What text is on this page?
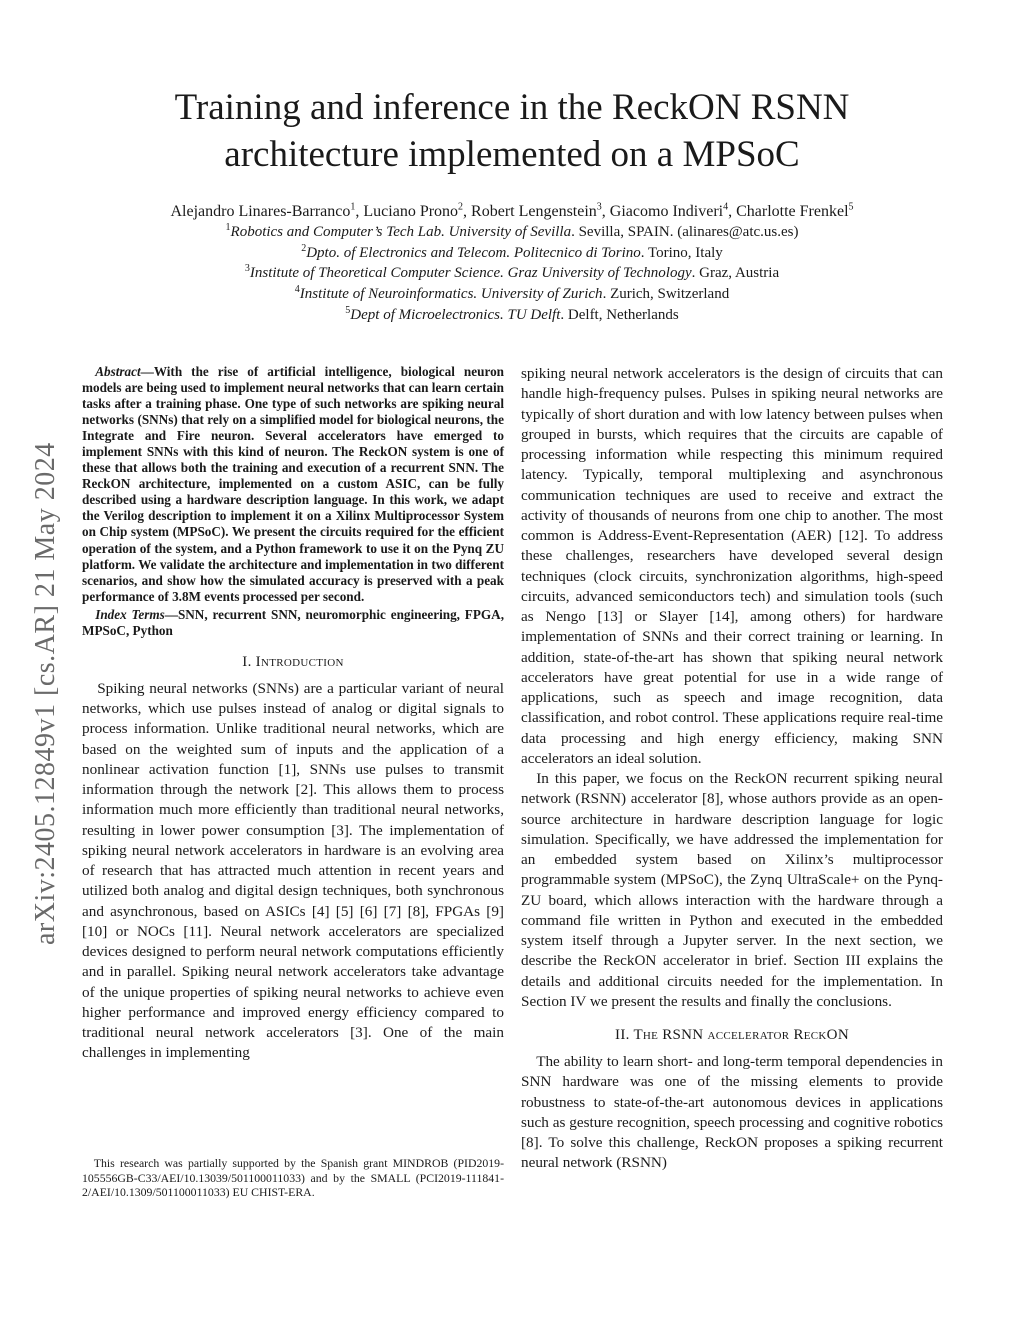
Training and inference in the ReckON RSNN
architecture implemented on a MPSoC
Alejandro Linares-Barranco$^1$, Luciano Prono$^2$, Robert Lengenstein$^3$, Giacomo Indiveri$^4$, Charlotte Frenkel$^5$
$^1$Robotics and Computer’s Tech Lab. University of Sevilla. Sevilla, SPAIN. (alinares@atc.us.es)
$^2$Dpto. of Electronics and Telecom. Politecnico di Torino. Torino, Italy
$^3$Institute of Theoretical Computer Science. Graz University of Technology. Graz, Austria
$^4$Institute of Neuroinformatics. University of Zurich. Zurich, Switzerland
$^5$Dept of Microelectronics. TU Delft. Delft, Netherlands
arXiv:2405.12849v1 [cs.AR] 21 May 2024

Abstract—With the rise of artificial intelligence, biological neuron models are being used to implement neural networks that can learn certain tasks after a training phase. One type of such networks are spiking neural networks (SNNs) that rely on a simplified model for biological neurons, the Integrate and Fire neuron. Several accelerators have emerged to implement SNNs with this kind of neuron. The ReckON system is one of these that allows both the training and execution of a recurrent SNN. The ReckON architecture, implemented on a custom ASIC, can be fully described using a hardware description language. In this work, we adapt the Verilog description to implement it on a Xilinx Multiprocessor System on Chip system (MPSoC). We present the circuits required for the efficient operation of the system, and a Python framework to use it on the Pynq ZU platform. We validate the architecture and implementation in two different scenarios, and show how the simulated accuracy is preserved with a peak performance of 3.8M events processed per second.

Index Terms—SNN, recurrent SNN, neuromorphic engineering, FPGA, MPSoC, Python

I. Introduction

Spiking neural networks (SNNs) are a particular variant of neural networks, which use pulses instead of analog or digital signals to process information. Unlike traditional neural networks, which are based on the weighted sum of inputs and the application of a nonlinear activation function [1], SNNs use pulses to transmit information through the network [2]. This allows them to process information much more efficiently than traditional neural networks, resulting in lower power consumption [3]. The implementation of spiking neural network accelerators in hardware is an evolving area of research that has attracted much attention in recent years and utilized both analog and digital design techniques, both synchronous and asynchronous, based on ASICs [4] [5] [6] [7] [8], FPGAs [9] [10] or NOCs [11]. Neural network accelerators are specialized devices designed to perform neural network computations efficiently and in parallel. Spiking neural network accelerators take advantage of the unique properties of spiking neural networks to achieve even higher performance and improved energy efficiency compared to traditional neural network accelerators [3]. One of the main challenges in implementing

This research was partially supported by the Spanish grant MINDROB (PID2019-105556GB-C33/AEI/10.13039/501100011033) and by the SMALL (PCI2019-111841-2/AEI/10.1309/501100011033) EU CHIST-ERA.

spiking neural network accelerators is the design of circuits that can handle high-frequency pulses. Pulses in spiking neural networks are typically of short duration and with low latency between pulses when grouped in bursts, which requires that the circuits are capable of processing information while respecting this minimum required latency. Typically, temporal multiplexing and asynchronous communication techniques are used to receive and extract the activity of thousands of neurons from one chip to another. The most common is Address-Event-Representation (AER) [12]. To address these challenges, researchers have developed several design techniques (clock circuits, synchronization algorithms, high-speed circuits, advanced semiconductors tech) and simulation tools (such as Nengo [13] or Slayer [14], among others) for hardware implementation of SNNs and their correct training or learning. In addition, state-of-the-art has shown that spiking neural network accelerators have great potential for use in a wide range of applications, such as speech and image recognition, data classification, and robot control. These applications require real-time data processing and high energy efficiency, making SNN accelerators an ideal solution.

In this paper, we focus on the ReckON recurrent spiking neural network (RSNN) accelerator [8], whose authors provide as an open-source architecture in hardware description language for logic simulation. Specifically, we have addressed the implementation for an embedded system based on Xilinx’s multiprocessor programmable system (MPSoC), the Zynq UltraScale+ on the Pynq-ZU board, which allows interaction with the hardware through a command file written in Python and executed in the embedded system itself through a Jupyter server. In the next section, we describe the ReckON accelerator in brief. Section III explains the details and additional circuits needed for the implementation. In Section IV we present the results and finally the conclusions.

II. The RSNN accelerator ReckON

The ability to learn short- and long-term temporal dependencies in SNN hardware was one of the missing elements to provide robustness to state-of-the-art autonomous devices in applications such as gesture recognition, speech processing and cognitive robotics [8]. To solve this challenge, ReckON proposes a spiking recurrent neural network (RSNN)
